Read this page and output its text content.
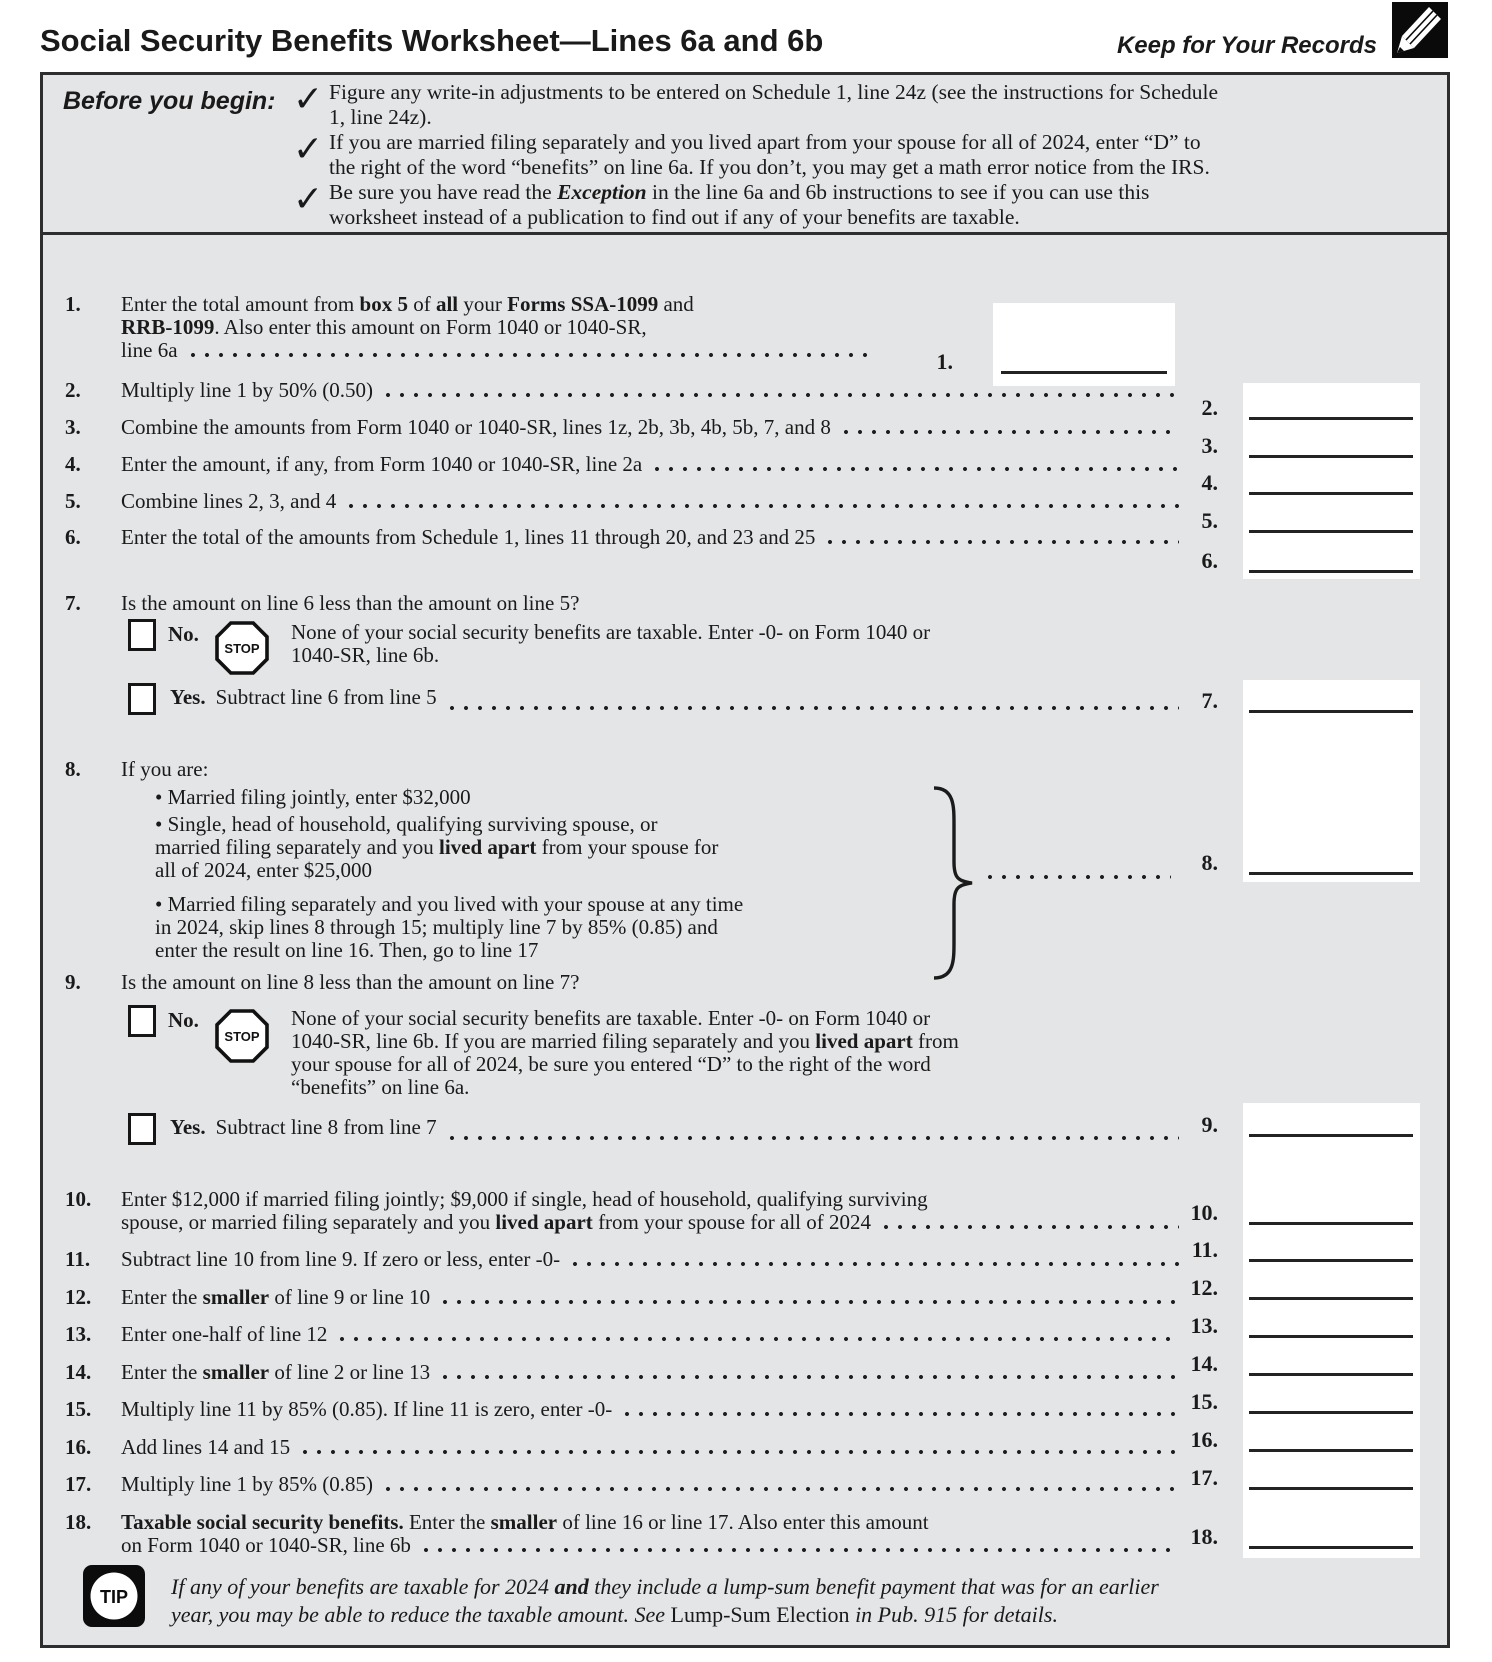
Social Security Benefits Worksheet—Lines 6a and 6b	Keep for Your Records
Before you begin: ✓ Figure any write-in adjustments to be entered on Schedule 1, line 24z (see the instructions for Schedule
1, line 24z).
✓ If you are married filing separately and you lived apart from your spouse for all of 2024, enter “D” to
the right of the word “benefits” on line 6a. If you don’t, you may get a math error notice from the IRS.
✓ Be sure you have read the Exception in the line 6a and 6b instructions to see if you can use this
worksheet instead of a publication to find out if any of your benefits are taxable.
1.	Enter the total amount from box 5 of all your Forms SSA-1099 and
RRB-1099. Also enter this amount on Form 1040 or 1040-SR,
line 6a	1.
2.	Multiply line 1 by 50% (0.50)
2.
3.	Combine the amounts from Form 1040 or 1040-SR, lines 1z, 2b, 3b, 4b, 5b, 7, and 8
3.
4.	Enter the amount, if any, from Form 1040 or 1040-SR, line 2a
4.
5.	Combine lines 2, 3, and 4
5.
6.	Enter the total of the amounts from Schedule 1, lines 11 through 20, and 23 and 25
6.
7.	Is the amount on line 6 less than the amount on line 5?
No.
STOP
None of your social security benefits are taxable. Enter -0- on Form 1040 or
1040-SR, line 6b.
Yes. Subtract line 6 from line 5	7.
8.	If you are:
• Married filing jointly, enter $32,000
• Single, head of household, qualifying surviving spouse, or
married filing separately and you lived apart from your spouse for
all of 2024, enter $25,000
• Married filing separately and you lived with your spouse at any time
in 2024, skip lines 8 through 15; multiply line 7 by 85% (0.85) and
enter the result on line 16. Then, go to line 17
8.
9.	Is the amount on line 8 less than the amount on line 7?
No.
STOP
None of your social security benefits are taxable. Enter -0- on Form 1040 or
1040-SR, line 6b. If you are married filing separately and you lived apart from
your spouse for all of 2024, be sure you entered “D” to the right of the word
“benefits” on line 6a.
Yes. Subtract line 8 from line 7	9.
10.	Enter $12,000 if married filing jointly; $9,000 if single, head of household, qualifying surviving
spouse, or married filing separately and you lived apart from your spouse for all of 2024	10.
11.	Subtract line 10 from line 9. If zero or less, enter -0-	11.
12.	Enter the smaller of line 9 or line 10	12.
13.	Enter one-half of line 12	13.
14.	Enter the smaller of line 2 or line 13	14.
15.	Multiply line 11 by 85% (0.85). If line 11 is zero, enter -0-	15.
16.	Add lines 14 and 15	16.
17.	Multiply line 1 by 85% (0.85)	17.
18.	Taxable social security benefits. Enter the smaller of line 16 or line 17. Also enter this amount
on Form 1040 or 1040-SR, line 6b	18.
TIP If any of your benefits are taxable for 2024 and they include a lump-sum benefit payment that was for an earlier
year, you may be able to reduce the taxable amount. See Lump-Sum Election in Pub. 915 for details.
